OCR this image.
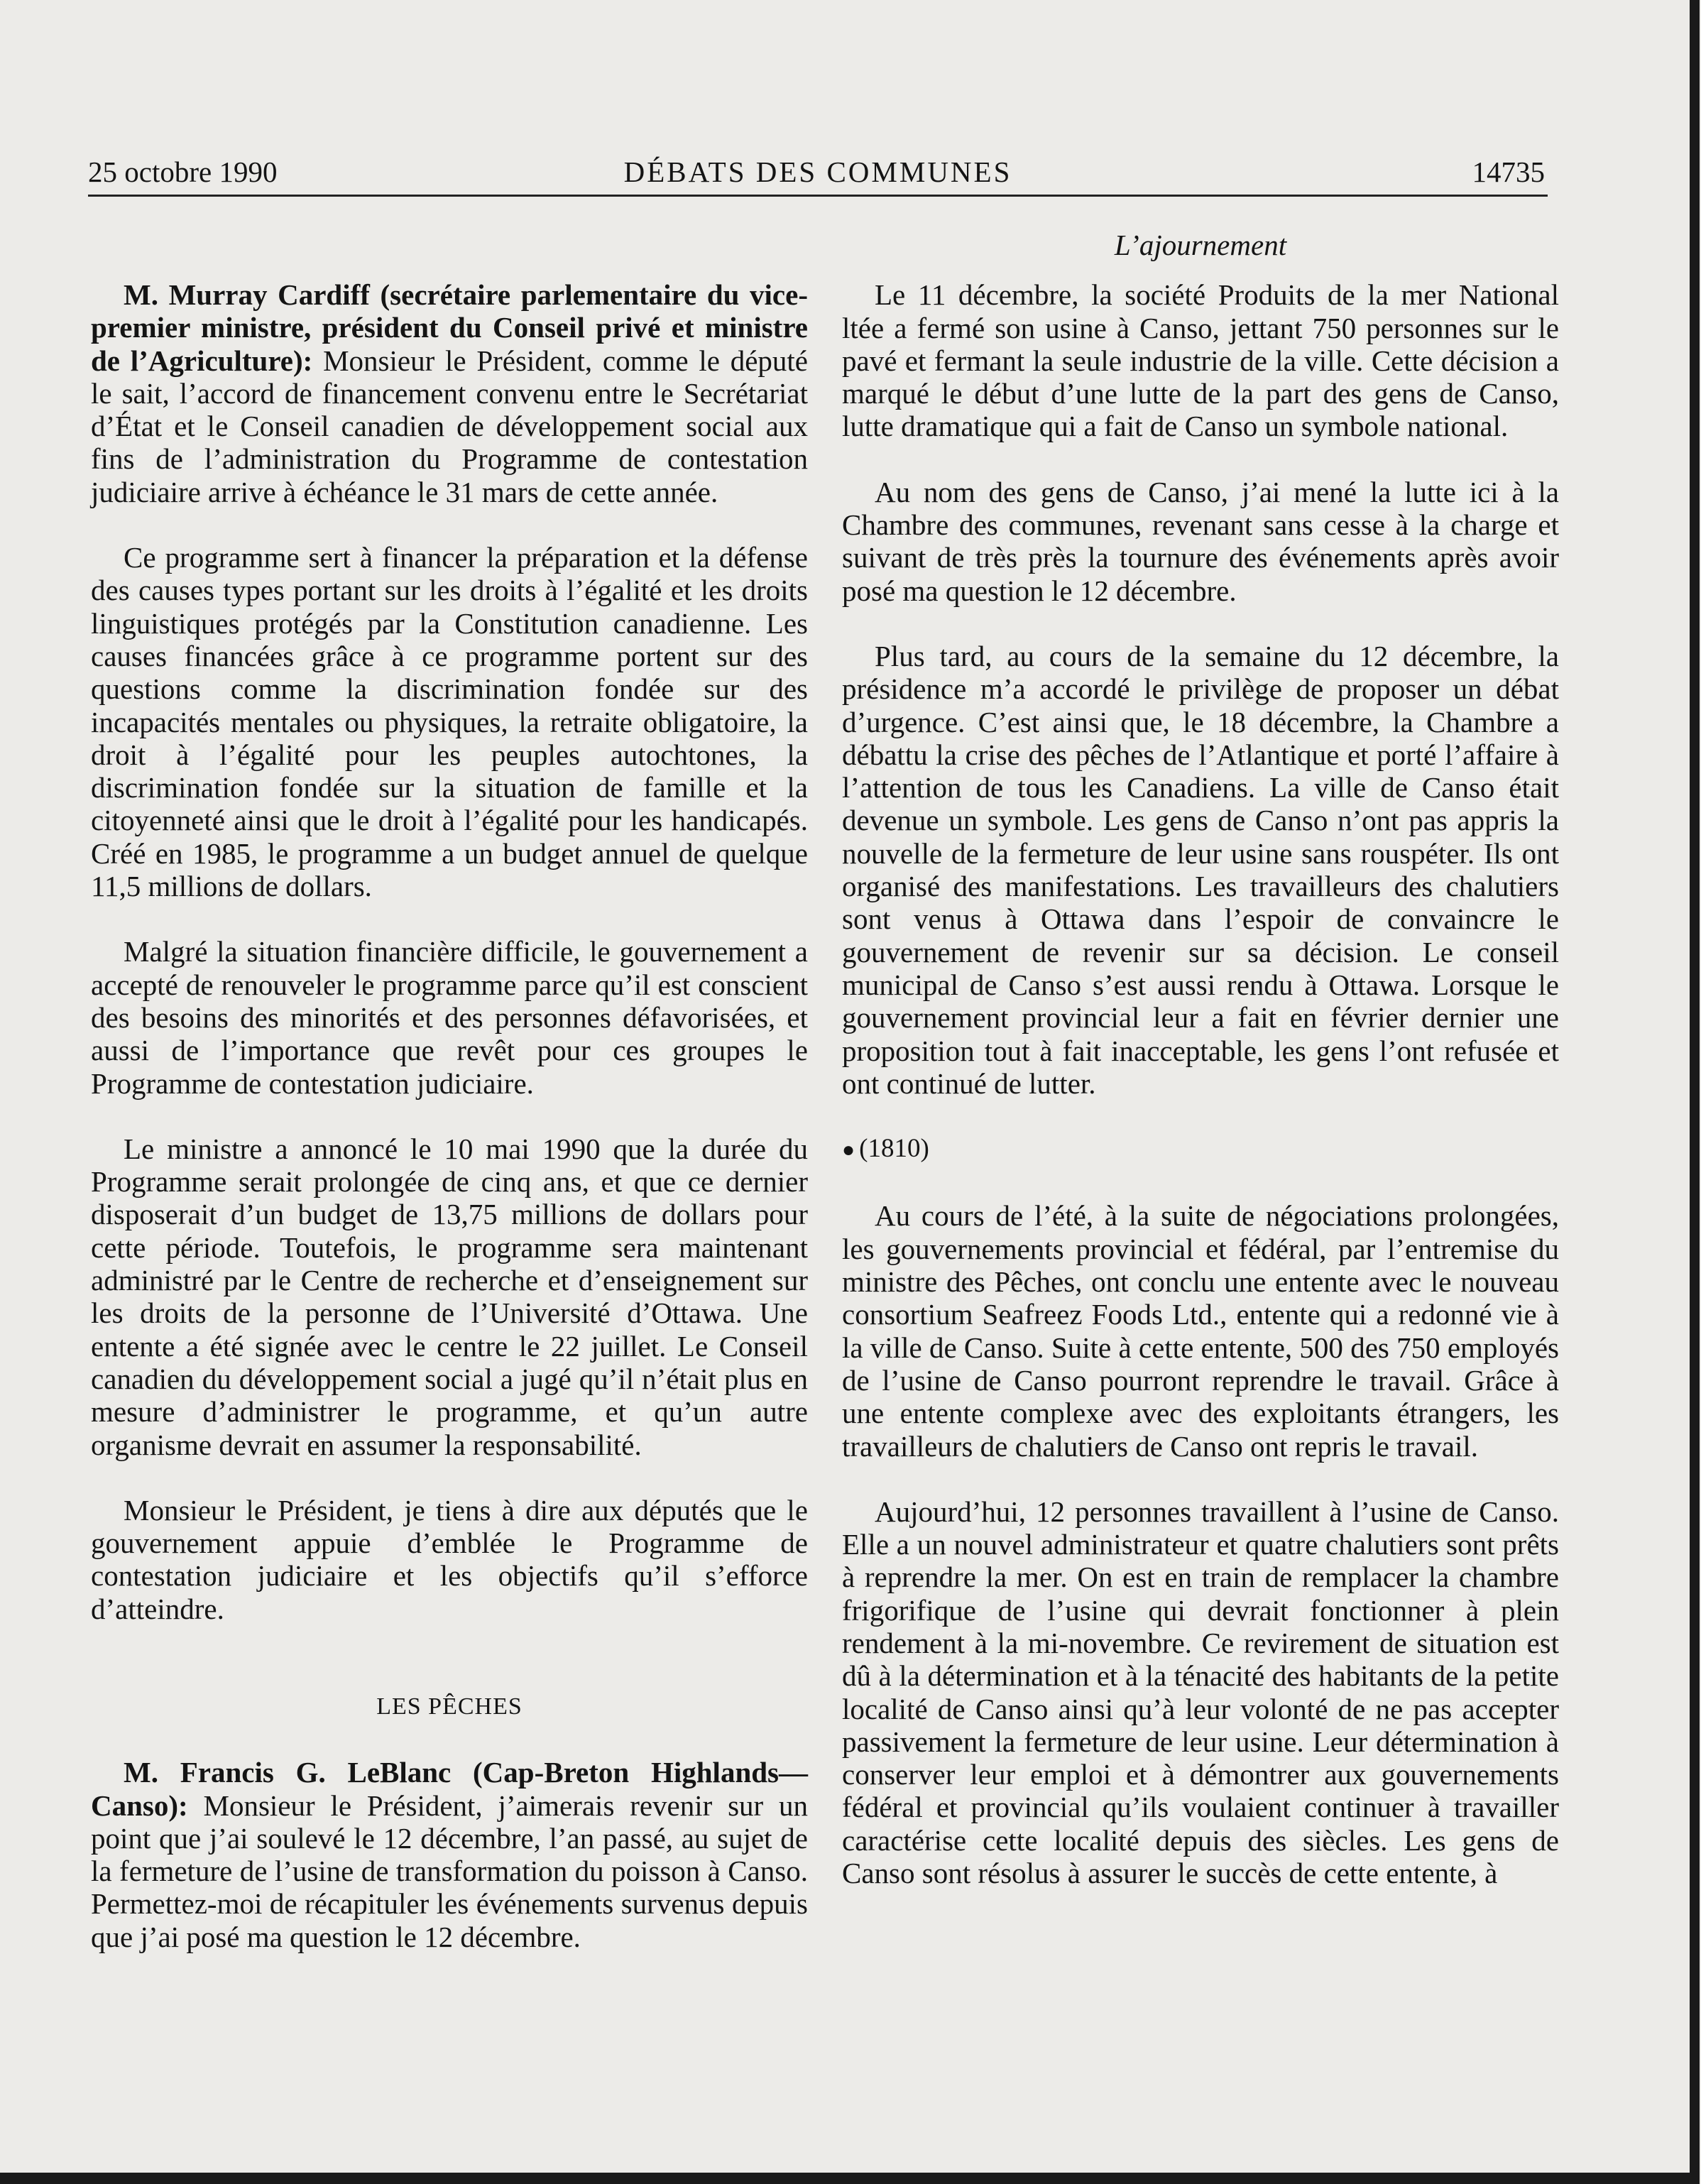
25 octobre 1990	DÉBATS DES COMMUNES	14735

M. Murray Cardiff (secrétaire parlementaire du vice-premier ministre, président du Conseil privé et ministre de l’Agriculture): Monsieur le Président, comme le député le sait, l’accord de financement convenu entre le Secrétariat d’État et le Conseil canadien de développement social aux fins de l’administration du Programme de contestation judiciaire arrive à échéance le 31 mars de cette année.

Ce programme sert à financer la préparation et la défense des causes types portant sur les droits à l’égalité et les droits linguistiques protégés par la Constitution canadienne. Les causes financées grâce à ce programme portent sur des questions comme la discrimination fondée sur des incapacités mentales ou physiques, la retraite obligatoire, la droit à l’égalité pour les peuples autochtones, la discrimination fondée sur la situation de famille et la citoyenneté ainsi que le droit à l’égalité pour les handicapés. Créé en 1985, le programme a un budget annuel de quelque 11,5 millions de dollars.

Malgré la situation financière difficile, le gouvernement a accepté de renouveler le programme parce qu’il est conscient des besoins des minorités et des personnes défavorisées, et aussi de l’importance que revêt pour ces groupes le Programme de contestation judiciaire.

Le ministre a annoncé le 10 mai 1990 que la durée du Programme serait prolongée de cinq ans, et que ce dernier disposerait d’un budget de 13,75 millions de dollars pour cette période. Toutefois, le programme sera maintenant administré par le Centre de recherche et d’enseignement sur les droits de la personne de l’Université d’Ottawa. Une entente a été signée avec le centre le 22 juillet. Le Conseil canadien du développement social a jugé qu’il n’était plus en mesure d’administrer le programme, et qu’un autre organisme devrait en assumer la responsabilité.

Monsieur le Président, je tiens à dire aux députés que le gouvernement appuie d’emblée le Programme de contestation judiciaire et les objectifs qu’il s’efforce d’atteindre.

LES PÊCHES

M. Francis G. LeBlanc (Cap-Breton Highlands—Canso): Monsieur le Président, j’aimerais revenir sur un point que j’ai soulevé le 12 décembre, l’an passé, au sujet de la fermeture de l’usine de transformation du poisson à Canso. Permettez-moi de récapituler les événements survenus depuis que j’ai posé ma question le 12 décembre.

L’ajournement

Le 11 décembre, la société Produits de la mer National ltée a fermé son usine à Canso, jettant 750 personnes sur le pavé et fermant la seule industrie de la ville. Cette décision a marqué le début d’une lutte de la part des gens de Canso, lutte dramatique qui a fait de Canso un symbole national.

Au nom des gens de Canso, j’ai mené la lutte ici à la Chambre des communes, revenant sans cesse à la charge et suivant de très près la tournure des événements après avoir posé ma question le 12 décembre.

Plus tard, au cours de la semaine du 12 décembre, la présidence m’a accordé le privilège de proposer un débat d’urgence. C’est ainsi que, le 18 décembre, la Chambre a débattu la crise des pêches de l’Atlantique et porté l’affaire à l’attention de tous les Canadiens. La ville de Canso était devenue un symbole. Les gens de Canso n’ont pas appris la nouvelle de la fermeture de leur usine sans rouspéter. Ils ont organisé des manifestations. Les travailleurs des chalutiers sont venus à Ottawa dans l’espoir de convaincre le gouvernement de revenir sur sa décision. Le conseil municipal de Canso s’est aussi rendu à Ottawa. Lorsque le gouvernement provincial leur a fait en février dernier une proposition tout à fait inacceptable, les gens l’ont refusée et ont continué de lutter.

● (1810)

Au cours de l’été, à la suite de négociations prolongées, les gouvernements provincial et fédéral, par l’entremise du ministre des Pêches, ont conclu une entente avec le nouveau consortium Seafreez Foods Ltd., entente qui a redonné vie à la ville de Canso. Suite à cette entente, 500 des 750 employés de l’usine de Canso pourront reprendre le travail. Grâce à une entente complexe avec des exploitants étrangers, les travailleurs de chalutiers de Canso ont repris le travail.

Aujourd’hui, 12 personnes travaillent à l’usine de Canso. Elle a un nouvel administrateur et quatre chalutiers sont prêts à reprendre la mer. On est en train de remplacer la chambre frigorifique de l’usine qui devrait fonctionner à plein rendement à la mi-novembre. Ce revirement de situation est dû à la détermination et à la ténacité des habitants de la petite localité de Canso ainsi qu’à leur volonté de ne pas accepter passivement la fermeture de leur usine. Leur détermination à conserver leur emploi et à démontrer aux gouvernements fédéral et provincial qu’ils voulaient continuer à travailler caractérise cette localité depuis des siècles. Les gens de Canso sont résolus à assurer le succès de cette entente, à
